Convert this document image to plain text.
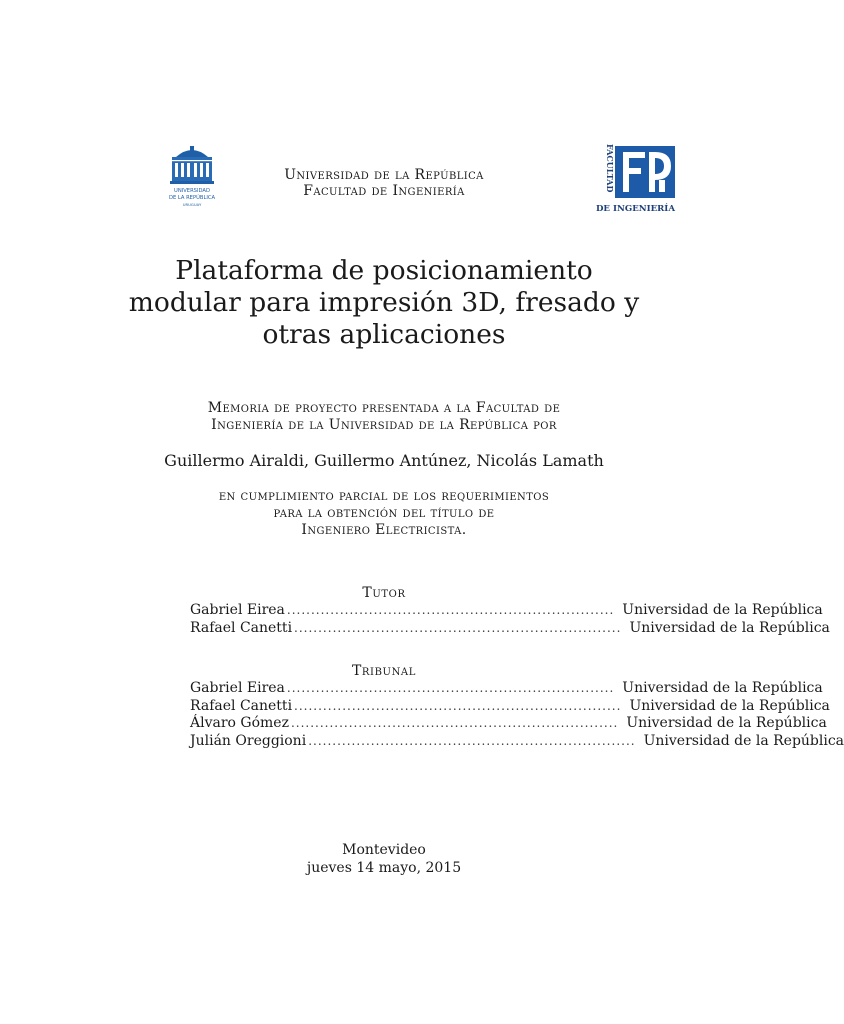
UNIVERSIDAD
DE LA REPÚBLICA
URUGUAY
FACULTAD
DE INGENIERÍA
Universidad de la República
Facultad de Ingeniería
Plataforma de posicionamiento
modular para impresión 3D, fresado y
otras aplicaciones
Memoria de proyecto presentada a la Facultad de
Ingeniería de la Universidad de la República por
Guillermo Airaldi, Guillermo Antúnez, Nicolás Lamath
en cumplimiento parcial de los requerimientos
para la obtención del título de
Ingeniero Electricista.
Tutor
Gabriel Eirea .................................................................... Universidad de la República
Rafael Canetti .................................................................... Universidad de la República
Tribunal
Gabriel Eirea .................................................................... Universidad de la República
Rafael Canetti .................................................................... Universidad de la República
Álvaro Gómez .................................................................... Universidad de la República
Julián Oreggioni .................................................................... Universidad de la República
Montevideo
jueves 14 mayo, 2015
